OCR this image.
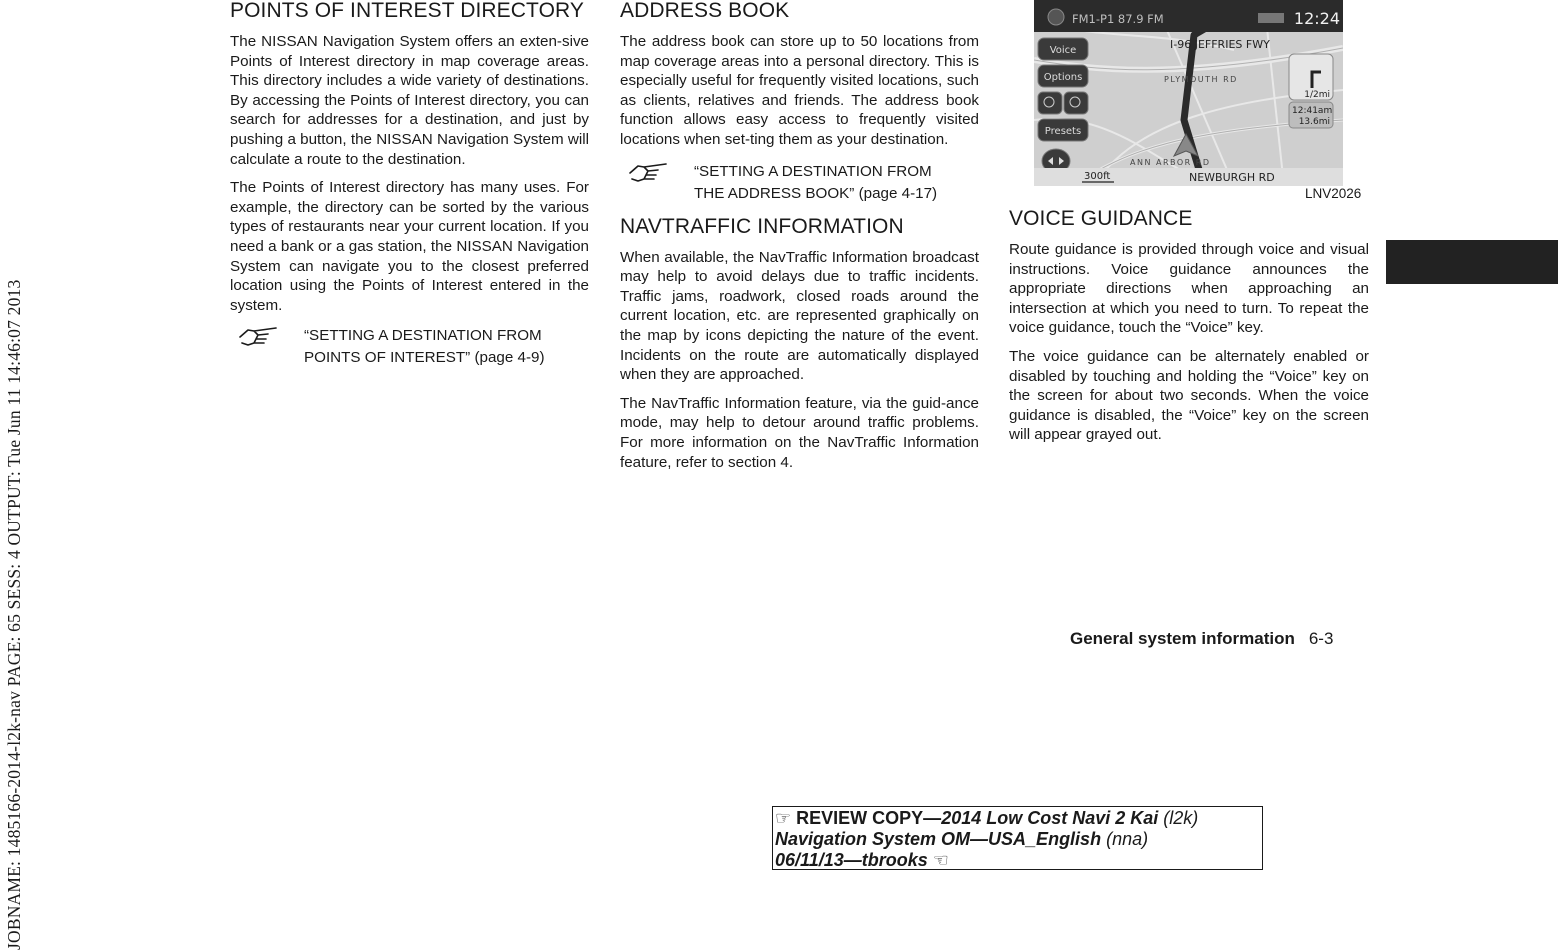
JOBNAME: 1485166-2014-l2k-nav PAGE: 65 SESS: 4 OUTPUT: Tue Jun 11 14:46:07 2013
POINTS OF INTEREST DIRECTORY

The NISSAN Navigation System offers an exten-sive Points of Interest directory in map coverage areas. This directory includes a wide variety of destinations. By accessing the Points of Interest directory, you can search for addresses for a destination, and just by pushing a button, the NISSAN Navigation System will calculate a route to the destination.

The Points of Interest directory has many uses. For example, the directory can be sorted by the various types of restaurants near your current location. If you need a bank or a gas station, the NISSAN Navigation System can navigate you to the closest preferred location using the Points of Interest entered in the system.

“SETTING A DESTINATION FROM
POINTS OF INTEREST” (page 4-9)
ADDRESS BOOK

The address book can store up to 50 locations from map coverage areas into a personal directory. This is especially useful for frequently visited locations, such as clients, relatives and friends. The address book function allows easy access to frequently visited locations when set-ting them as your destination.

“SETTING A DESTINATION FROM
THE ADDRESS BOOK” (page 4-17)
NAVTRAFFIC INFORMATION

When available, the NavTraffic Information broadcast may help to avoid delays due to traffic incidents. Traffic jams, roadwork, closed roads around the current location, etc. are represented graphically on the map by icons depicting the nature of the event. Incidents on the route are automatically displayed when they are approached.

The NavTraffic Information feature, via the guid-ance mode, may help to detour around traffic problems. For more information on the NavTraffic Information feature, refer to section 4.

FM1-P1 87.9 FM	12:24
Voice
Options
Presets
I-96 JEFFRIES FWY
PLYMOUTH RD
ANN ARBOR RD
1/2mi
12:41am
13.6mi
300ft	NEWBURGH RD
LNV2026
VOICE GUIDANCE

Route guidance is provided through voice and visual instructions. Voice guidance announces the appropriate directions when approaching an intersection at which you need to turn. To repeat the voice guidance, touch the “Voice” key.

The voice guidance can be alternately enabled or disabled by touching and holding the “Voice” key on the screen for about two seconds. When the voice guidance is disabled, the “Voice” key on the screen will appear grayed out.

General system information 6-3
☞ REVIEW COPY—2014 Low Cost Navi 2 Kai (l2k)
Navigation System OM—USA_English (nna)
06/11/13—tbrooks ☜
